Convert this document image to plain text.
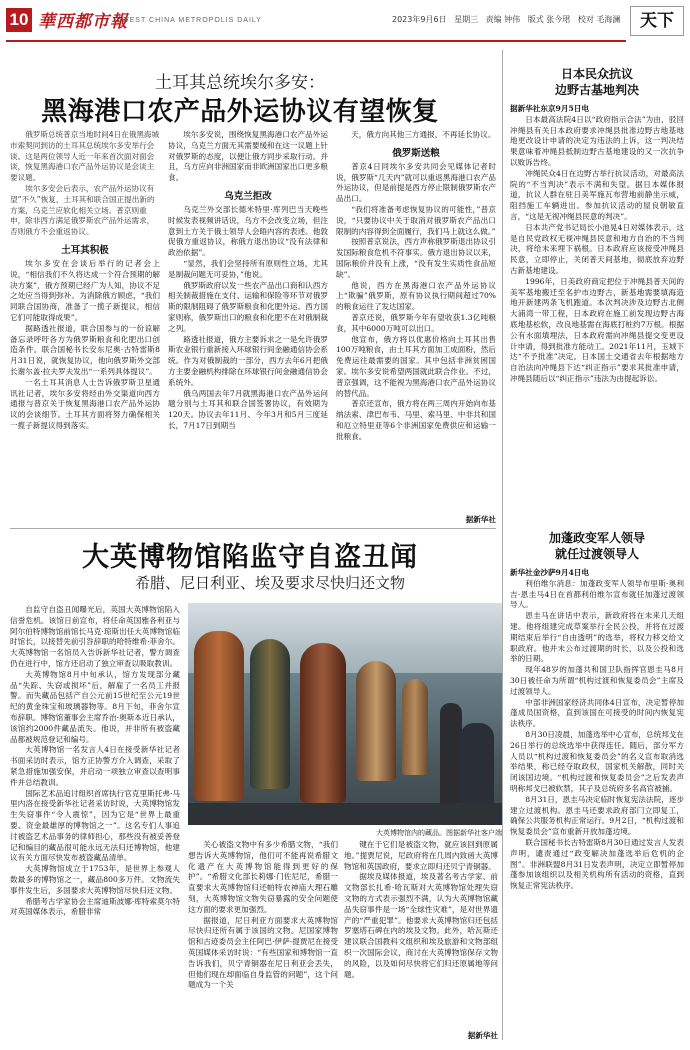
10 華西都市報
WEST CHINA METROPOLIS DAILY	2023年9月6日 星期三 责编 钟伟 版式 张今珺 校对 毛海澜	天下
土耳其总统埃尔多安：
黑海港口农产品外运协议有望恢复
俄罗斯总统普京当地时间4日在俄黑海城市索契同到访的土耳其总统埃尔多安举行会谈。这是两位领导人近一年来首次面对面会谈，恢复黑海港口农产品外运协议是会谈主要议题。
埃尔多安会后表示，农产品外运协议有望“不久”恢复，土耳其和联合国正提出新的方案，乌克兰应软化相关立场。普京则重申，除非西方满足俄罗斯农产品外运需求，否则俄方不会重返协议。
土耳其积极
埃尔多安在会谈后举行的记者会上说，“相信我们不久将达成一个符合预期的解决方案”，俄方预期已经广为人知，协议不足之处应当得到弥补。为消除俄方顾虑，“我们同联合国协商，准备了一揽子新提议，相信它们可能取得成果”。
据路透社报道，联合国参与的一份谅解备忘录呼吁各方为俄罗斯粮食和化肥出口创造条件。联合国秘书长安东尼奥·古特雷斯8月31日说，就恢复协议，他向俄罗斯外交部长谢尔盖·拉夫罗夫发出“一系列具体提议”。
一名土耳其消息人士告诉俄罗斯卫星通讯社记者，埃尔多安将经由外交渠道向西方通报与普京关于恢复黑海港口农产品外运协议的会谈细节。土耳其方面将努力确保相关一揽子新提议得到落实。
埃尔多安说，围绕恢复黑海港口农产品外运协议，乌克兰方面无其需要缓和在这一议题上针对俄罗斯的态度，以便让俄方同步采取行动。并且，乌方应向非洲国家而非欧洲国家出口更多粮食。
乌克兰拒改
乌克兰外交部长德米特里·库列巴当天晚些时候发表视频讲话说，乌方不会改变立场，但注意到土方关于俄土领导人会晤内容的表述。他敦促俄方重返协议，称俄方退出协议“没有法律和政治依据”。
“显然，我们会坚持所有原则性立场，尤其是制裁问题无可妥协，”他说。
俄罗斯政府以发一些农产品出口商和认西方相关制裁措施在支付、运输和保险等环节对俄罗斯的限制阻碍了俄罗斯粮食和化肥外运。西方国家则称，俄罗斯出口的粮食和化肥不在对俄制裁之列。
路透社报道，俄方主要诉求之一是允许俄罗斯农业银行重新接入环球银行间金融通信协会系统。作为对俄制裁的一部分，西方去年6月把俄方主要金融机构排除在环球银行间金融通信协会系统外。
俄乌两国去年7月就黑海港口农产品外运问题分别与土耳其和联合国签署协议，有效期为120天。协议去年11月、今年3月和5月三度延长，7月17日到期当
天，俄方向其他三方通报，不再延长协议。
俄罗斯送粮
普京4日同埃尔多安共同会见媒体记者时说，俄罗斯“几天内”就可以重返黑海港口农产品外运协议，但是前提是西方停止限制俄罗斯农产品出口。
“我们将准备考虑恢复协议的可能性，”普京说，“只要协议中关于取消对俄罗斯农产品出口限制的内容得到全面履行，我们马上就这么做。”
按照普京说法，西方声称俄罗斯退出协议引发国际粮食危机不符事实。俄方退出协议以来，国际粮价并没有上涨，“没有发生实质性食品短缺”。
他说，西方在黑海港口农产品外运协议上“欺骗”俄罗斯，原有协议执行期间超过70%的粮食运往了发达国家。
普京还说，俄罗斯今年有望收获1.3亿吨粮食，其中6000万吨可以出口。
他宣布，俄方将以优惠价格向土耳其出售100万吨粮食，由土耳其方面加工成面粉，然后免费运往最需要的国家。其中包括非洲贫困国家。埃尔多安说希望两国就此联合作业。不过，普京强调，这不能视为黑海港口农产品外运协议的替代品。
普京还宣布，俄方将在两三周内开始向布基纳法索、津巴布韦、马里、索马里、中非共和国和厄立特里亚等6个非洲国家免费供应和运输一批粮食。
据新华社
日本民众抗议
边野古基地判决
据新华社东京9月5日电
日本最高法院4日以“政府指示合法”为由，驳回冲绳县有关日本政府要求冲绳县批准边野古地基地地更改设计申请的决定为违法的上诉，这一判决结果意味着冲绳县抵制边野古基地建设的又一次抗争以败诉告终。
冲绳民众4日在边野古举行抗议活动，对最高法院的“不当判决”表示不满和失望。据日本媒体报道，抗议人群在驻日美军施瓦布营地前静坐示威，阻挡施工车辆进出。参加抗议活动的屋良朝敏直言，“这是无视冲绳县民意的判决”。
日本共产党书记局长小池晃4日对媒体表示，这是自民党政权无视冲绳县民意和地方自治的不当判决，将给未来埋下祸根。日本政府应该接受冲绳县民意，立即停止，关闭普天间基地，彻底放弃边野古新基地建设。
1996年，日美政府商定把位于冲绳县普天间的美军基地搬迁至名护市边野古，新基地需要填海造地开新建两条飞机跑道。本次判决涉及边野古北侧大浦湾一带工程，日本政府在施工前发现边野古海底地基松软，改良地基需在海底打桩约7万根。根据公有水面填埋法，日本政府需向冲绳县提交变更设计申请，得到批准方能动工。2021年11月，玉城下达“不予批准”决定。日本国土交通省去年根据地方自治法向冲绳县下达“纠正指示”要求其批准申请，冲绳县随后以“纠正指示”违法为由提起诉讼。
加蓬政变军人领导
就任过渡领导人
新华社金沙萨9月4日电
利伯维尔消息：加蓬政变军人领导布里斯·奥利吉·恩圭马4日在首都利伯维尔宣布就任加蓬过渡领导人。
恩圭马在讲话中表示，新政府将在未来几天组建。他将组建完成草案举行全民公投，并将在过渡期结束后举行“自由透明”的选举，将权力移交给文职政府。他并未公布过渡期的时长，以及公投和选举的日期。
现年48岁的加蓬共和国卫队指挥官恩圭马8月30日被任命为所谓“机构过渡和恢复委员会”主席及过渡领导人。
中部非洲国家经济共同体4日宣布，决定暂停加蓬成员国资格，直到该国在可接受的时间内恢复宪法秩序。
8月30日凌晨，加蓬选举中心宣布，总统邦戈在26日举行的总统选举中获得连任。随后，部分军方人员以“机构过渡和恢复委员会”的名义宣布取消选举结果，称已经夺取政权，国家机关解散，同时关闭该国边境。“机构过渡和恢复委员会”之后发表声明称邦戈已被软禁，其子及总统府多名高官被捕。
8月31日，恩圭马决定临时恢复宪法法院，逐步建立过渡机构。恩圭马还要求政府部门立即复工，确保公共服务机构正常运行。9月2日，“机构过渡和恢复委员会”宣布重新开放加蓬边境。
联合国秘书长古特雷斯8月30日通过发言人发表声明，谴责通过“政变解决加蓬选举后危机的企图”。非洲联盟8月31日发表声明，决定立即暂停加蓬参加该组织以及相关机构所有活动的资格，直到恢复正常宪法秩序。
大英博物馆陷监守自盗丑闻
希腊、尼日利亚、埃及要求尽快归还文物
自监守自盗丑闻曝光后，英国大英博物馆陷入信誉危机。该馆日前宣布，将任命英国雅各利亚与阿尔伯特博物馆前馆长马克·琼斯出任大英博物馆临时馆长，以接替先前引咎辞职的哈特维希·菲舍尔。大英博物馆一名馆员入告诉新华社记者，警方调查仍在进行中，馆方还启动了独立审查以吸取教训。
大英博物馆8月中旬承认，馆方发现部分藏品“失踪、失窃或损坏”后，解雇了一名员工并报警。而失藏品包括产自公元前15世纪至公元19世纪的黄金珠宝和玻璃器物等。8月下旬，菲舍尔宣布辞职。博物馆董事会主席乔治·奥斯本近日承认，该馆约2000件藏品流失。他说，并非所有被盗藏品都被规范登记和编号。
大英博物馆一名发言人4日在接受新华社记者书面采访时表示，馆方正协警方介入调查，采取了紧急措施加强安保，并启动一项独立审查以查明事件并总结教训。
国际艺术品追讨组织首席执行官克里斯托弗·马里内洛在接受新华社记者采访时说，大英博物馆发生失窃事件“令人震惊”，因为它是“世界上最重要、资金最雄厚的博物馆之一”。这名专们人事追讨被盗艺术品事务的律师担心，那些没有被妥善登记和编目的藏品很可能永远无法归还博物馆，他建议有关方面尽快发布被盗藏品清单。
大英博物馆成立于1753年，是世界上参观人数最多的博物馆之一，藏品800多万件。文物流失事件发生后，多国要求大英博物馆尽快归还文物。
希腊考古学家协会主席迪斯波娜·库特索莫尔特对英国媒体表示，希腊非常
大英博物馆内的藏品。图据新华社客户端
关心被盗文物中有多少希腊文物，“我们想告诉大英博物馆，他们可不能再说希腊文化遗产在大英博物馆能得到更好的保护”。“希腊文化部长莉娜·门佐尼尼，希腊一直要求大英博物馆归还帕特农神庙大理石雕刻，大英博物馆文物失窃暴露的安全问题使这方面的要求更加强烈。
据报道，尼日利亚方面要求大英博物馆尽快归还所有属于该国的文物。尼国家博物馆和古迹委员会主任阿巴·伊萨·提贾尼在接受英国媒体采访时说：“有些国家和博物馆一直告诉我们，贝宁青铜器在尼日利亚会丢失，但他们现在却面临自身监管的问题”，这个问题成为一个关
键在于它们是被盗文物，就应该回到原属地。”提贾尼说，尼政府将在几周内致函大英博物馆和英国政府，要求立即归还贝宁青铜器。
据埃及媒体报道，埃及著名考古学家、前文物部长扎希·哈瓦斯对大英博物馆处理失窃文物的方式表示强烈不满，认为大英博物馆藏品失窃事件是一场“全球性灾难”，是对世界遗产的“严重犯罪”。他要求大英博物馆归还包括罗塞塔石碑在内的埃及文物。此外，哈瓦斯还建议联合国教科文组织和埃及旅游和文物部组织一次国际会议，商讨在大英博物馆保存文物的风险，以及如何尽快将它们归还原属地等问题。
据新华社
